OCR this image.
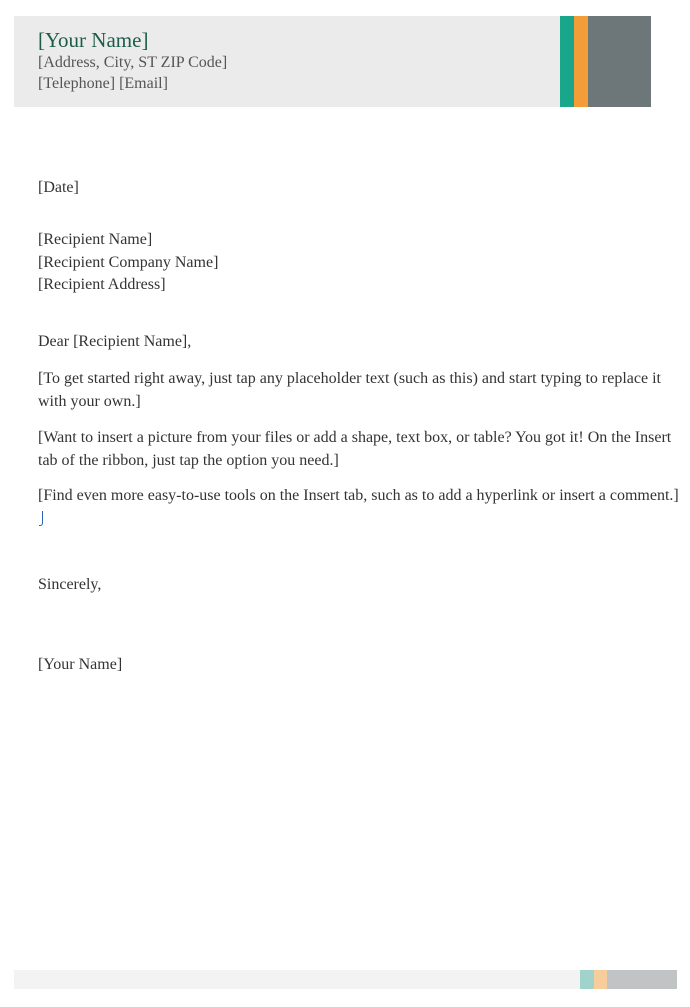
[Your Name]
[Address, City, ST ZIP Code]
[Telephone] [Email]
[Date]
[Recipient Name]
[Recipient Company Name]
[Recipient Address]
Dear [Recipient Name],
[To get started right away, just tap any placeholder text (such as this) and start typing to replace it with your own.]
[Want to insert a picture from your files or add a shape, text box, or table? You got it! On the Insert tab of the ribbon, just tap the option you need.]
[Find even more easy-to-use tools on the Insert tab, such as to add a hyperlink or insert a comment.]
Sincerely,
[Your Name]
